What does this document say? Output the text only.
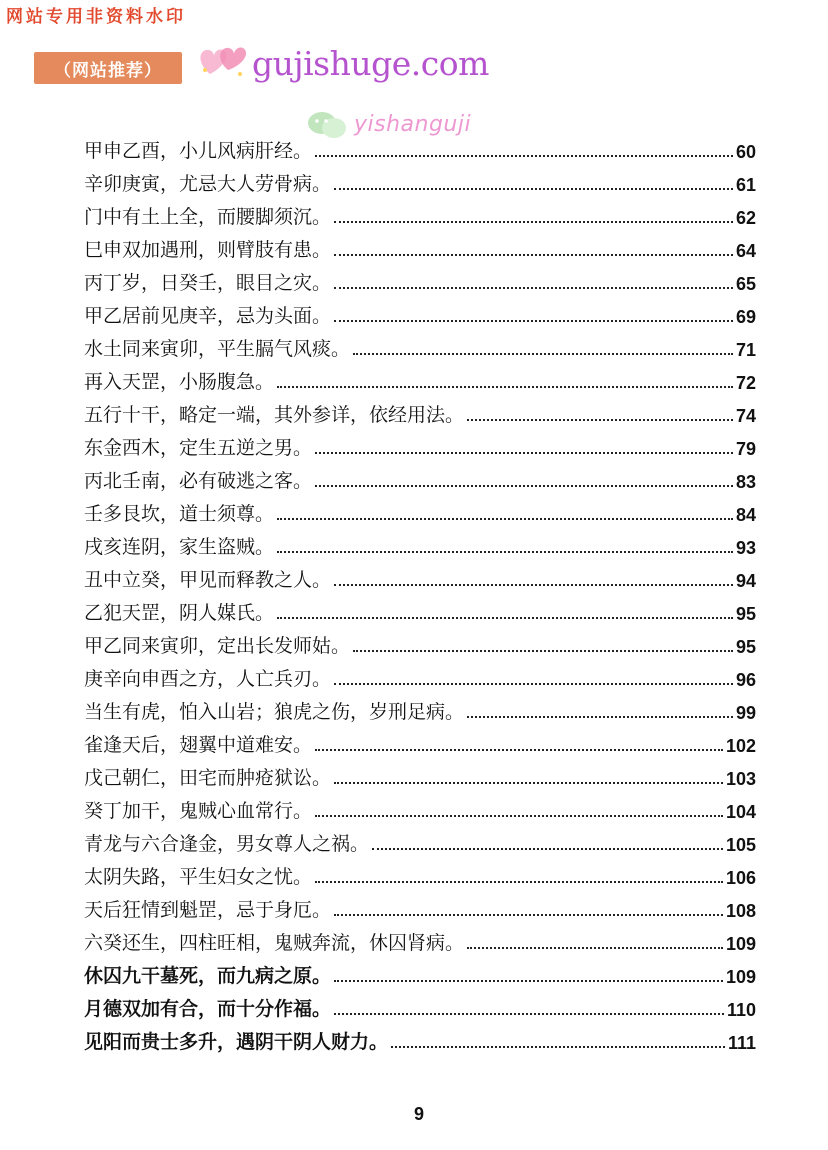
网站专用非资料水印
（网站推荐）	gujishuge.com
yishanguji
甲申乙酉，小儿风病肝经。	60
辛卯庚寅，尤忌大人劳骨病。	61
门中有土上全，而腰脚须沉。	62
巳申双加遇刑，则臂肢有患。	64
丙丁岁，日癸壬，眼目之灾。	65
甲乙居前见庚辛，忌为头面。	69
水土同来寅卯，平生膈气风痰。	71
再入天罡，小肠腹急。	72
五行十干，略定一端，其外参详，依经用法。	74
东金西木，定生五逆之男。	79
丙北壬南，必有破逃之客。	83
壬多艮坎，道士须尊。	84
戌亥连阴，家生盗贼。	93
丑中立癸，甲见而释教之人。	94
乙犯天罡，阴人媒氏。	95
甲乙同来寅卯，定出长发师姑。	95
庚辛向申酉之方，人亡兵刃。	96
当生有虎，怕入山岩；狼虎之伤，岁刑足病。	99
雀逢天后，翅翼中道难安。	102
戊己朝仁，田宅而肿疮狱讼。	103
癸丁加干，鬼贼心血常行。	104
青龙与六合逢金，男女尊人之祸。	105
太阴失路，平生妇女之忧。	106
天后狂情到魁罡，忌于身厄。	108
六癸还生，四柱旺相，鬼贼奔流，休囚肾病。	109
休囚九干墓死，而九病之原。	109
月德双加有合，而十分作福。	110
见阳而贵士多升，遇阴干阴人财力。	111
9
